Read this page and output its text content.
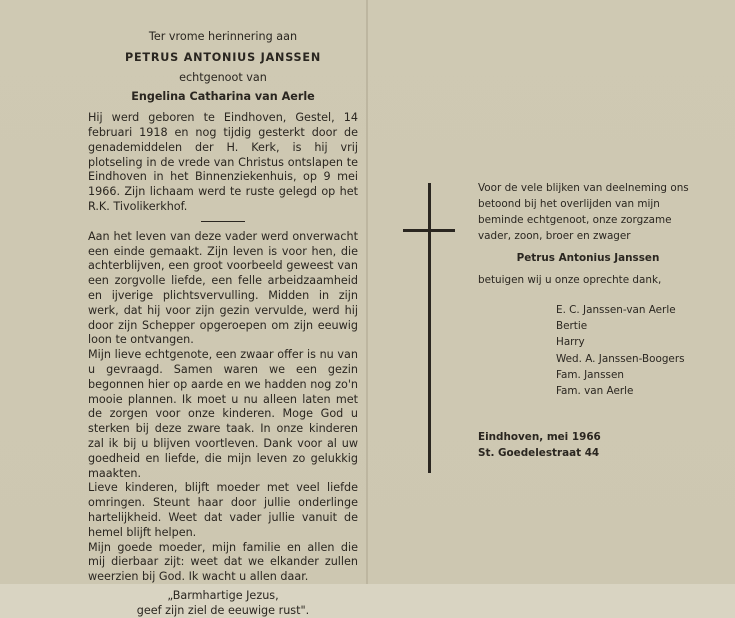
Ter vrome herinnering aan

PETRUS ANTONIUS JANSSEN

echtgenoot van

Engelina Catharina van Aerle

Hij werd geboren te Eindhoven, Gestel, 14 februari 1918 en nog tijdig gesterkt door de genademiddelen der H. Kerk, is hij vrij plotseling in de vrede van Christus ontslapen te Eindhoven in het Binnenziekenhuis, op 9 mei 1966. Zijn lichaam werd te ruste gelegd op het R.K. Tivolikerkhof.

Aan het leven van deze vader werd onverwacht een einde gemaakt. Zijn leven is voor hen, die achterblijven, een groot voorbeeld geweest van een zorgvolle liefde, een felle arbeidzaamheid en ijverige plichtsvervulling. Midden in zijn werk, dat hij voor zijn gezin vervulde, werd hij door zijn Schepper opgeroepen om zijn eeuwig loon te ontvangen.

Mijn lieve echtgenote, een zwaar offer is nu van u gevraagd. Samen waren we een gezin begonnen hier op aarde en we hadden nog zo'n mooie plannen. Ik moet u nu alleen laten met de zorgen voor onze kinderen. Moge God u sterken bij deze zware taak. In onze kinderen zal ik bij u blijven voortleven. Dank voor al uw goedheid en liefde, die mijn leven zo gelukkig maakten.

Lieve kinderen, blijft moeder met veel liefde omringen. Steunt haar door jullie onderlinge hartelijkheid. Weet dat vader jullie vanuit de hemel blijft helpen.

Mijn goede moeder, mijn familie en allen die mij dierbaar zijt: weet dat we elkander zullen weerzien bij God. Ik wacht u allen daar.

„Barmhartige Jezus,

geef zijn ziel de eeuwige rust".

Voor de vele blijken van deelneming ons betoond bij het overlijden van mijn beminde echtgenoot, onze zorgzame vader, zoon, broer en zwager

Petrus Antonius Janssen

betuigen wij u onze oprechte dank,

E. C. Janssen-van Aerle

Bertie

Harry

Wed. A. Janssen-Boogers

Fam. Janssen

Fam. van Aerle

Eindhoven, mei 1966

St. Goedelestraat 44
